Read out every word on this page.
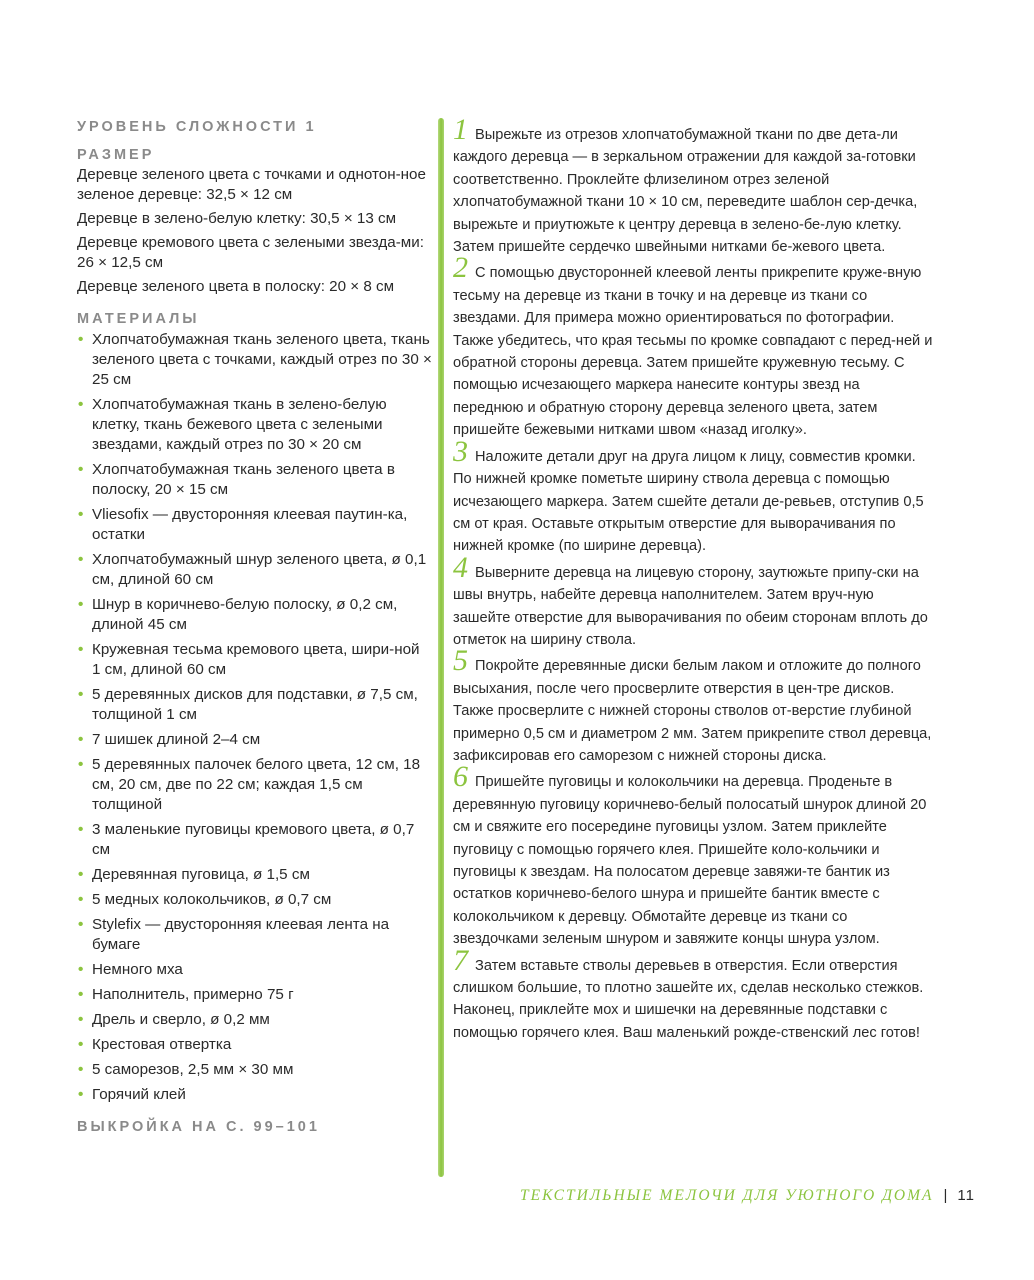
УРОВЕНЬ СЛОЖНОСТИ 1
РАЗМЕР
Деревце зеленого цвета с точками и однотон-ное зеленое деревце: 32,5 × 12 см
Деревце в зелено-белую клетку: 30,5 × 13 см
Деревце кремового цвета с зелеными звезда-ми: 26 × 12,5 см
Деревце зеленого цвета в полоску: 20 × 8 см
МАТЕРИАЛЫ
• Хлопчатобумажная ткань зеленого цвета, ткань зеленого цвета с точками, каждый отрез по 30 × 25 см
• Хлопчатобумажная ткань в зелено-белую клетку, ткань бежевого цвета с зелеными звездами, каждый отрез по 30 × 20 см
• Хлопчатобумажная ткань зеленого цвета в полоску, 20 × 15 см
• Vliesofix — двусторонняя клеевая паутин-ка, остатки
• Хлопчатобумажный шнур зеленого цвета, ø 0,1 см, длиной 60 см
• Шнур в коричнево-белую полоску, ø 0,2 см, длиной 45 см
• Кружевная тесьма кремового цвета, шири-ной 1 см, длиной 60 см
• 5 деревянных дисков для подставки, ø 7,5 см, толщиной 1 см
• 7 шишек длиной 2–4 см
• 5 деревянных палочек белого цвета, 12 см, 18 см, 20 см, две по 22 см; каждая 1,5 см толщиной
• 3 маленькие пуговицы кремового цвета, ø 0,7 см
• Деревянная пуговица, ø 1,5 см
• 5 медных колокольчиков, ø 0,7 см
• Stylefix — двусторонняя клеевая лента на бумаге
• Немного мха
• Наполнитель, примерно 75 г
• Дрель и сверло, ø 0,2 мм
• Крестовая отвертка
• 5 саморезов, 2,5 мм × 30 мм
• Горячий клей
ВЫКРОЙКА НА С. 99–101
1 Вырежьте из отрезов хлопчатобумажной ткани по две дета-ли каждого деревца — в зеркальном отражении для каждой за-готовки соответственно. Проклейте флизелином отрез зеленой хлопчатобумажной ткани 10 × 10 см, переведите шаблон сер-дечка, вырежьте и приутюжьте к центру деревца в зелено-бе-лую клетку. Затем пришейте сердечко швейными нитками бе-жевого цвета.
2 С помощью двусторонней клеевой ленты прикрепите круже-вную тесьму на деревце из ткани в точку и на деревце из ткани со звездами. Для примера можно ориентироваться по фотографии. Также убедитесь, что края тесьмы по кромке совпадают с перед-ней и обратной стороны деревца. Затем пришейте кружевную тесьму. С помощью исчезающего маркера нанесите контуры звезд на переднюю и обратную сторону деревца зеленого цвета, затем пришейте бежевыми нитками швом «назад иголку».
3 Наложите детали друг на друга лицом к лицу, совместив кромки. По нижней кромке пометьте ширину ствола деревца с помощью исчезающего маркера. Затем сшейте детали де-ревьев, отступив 0,5 см от края. Оставьте открытым отверстие для выворачивания по нижней кромке (по ширине деревца).
4 Выверните деревца на лицевую сторону, заутюжьте припу-ски на швы внутрь, набейте деревца наполнителем. Затем вруч-ную зашейте отверстие для выворачивания по обеим сторонам вплоть до отметок на ширину ствола.
5 Покройте деревянные диски белым лаком и отложите до полного высыхания, после чего просверлите отверстия в цен-тре дисков. Также просверлите с нижней стороны стволов от-верстие глубиной примерно 0,5 см и диаметром 2 мм. Затем прикрепите ствол деревца, зафиксировав его саморезом с нижней стороны диска.
6 Пришейте пуговицы и колокольчики на деревца. Проденьте в деревянную пуговицу коричнево-белый полосатый шнурок длиной 20 см и свяжите его посередине пуговицы узлом. Затем приклейте пуговицу с помощью горячего клея. Пришейте коло-кольчики и пуговицы к звездам. На полосатом деревце завяжи-те бантик из остатков коричнево-белого шнура и пришейте бантик вместе с колокольчиком к деревцу. Обмотайте деревце из ткани со звездочками зеленым шнуром и завяжите концы шнура узлом.
7 Затем вставьте стволы деревьев в отверстия. Если отверстия слишком большие, то плотно зашейте их, сделав несколько стежков. Наконец, приклейте мох и шишечки на деревянные подставки с помощью горячего клея. Ваш маленький рожде-ственский лес готов!
ТЕКСТИЛЬНЫЕ МЕЛОЧИ ДЛЯ УЮТНОГО ДОМА | 11
